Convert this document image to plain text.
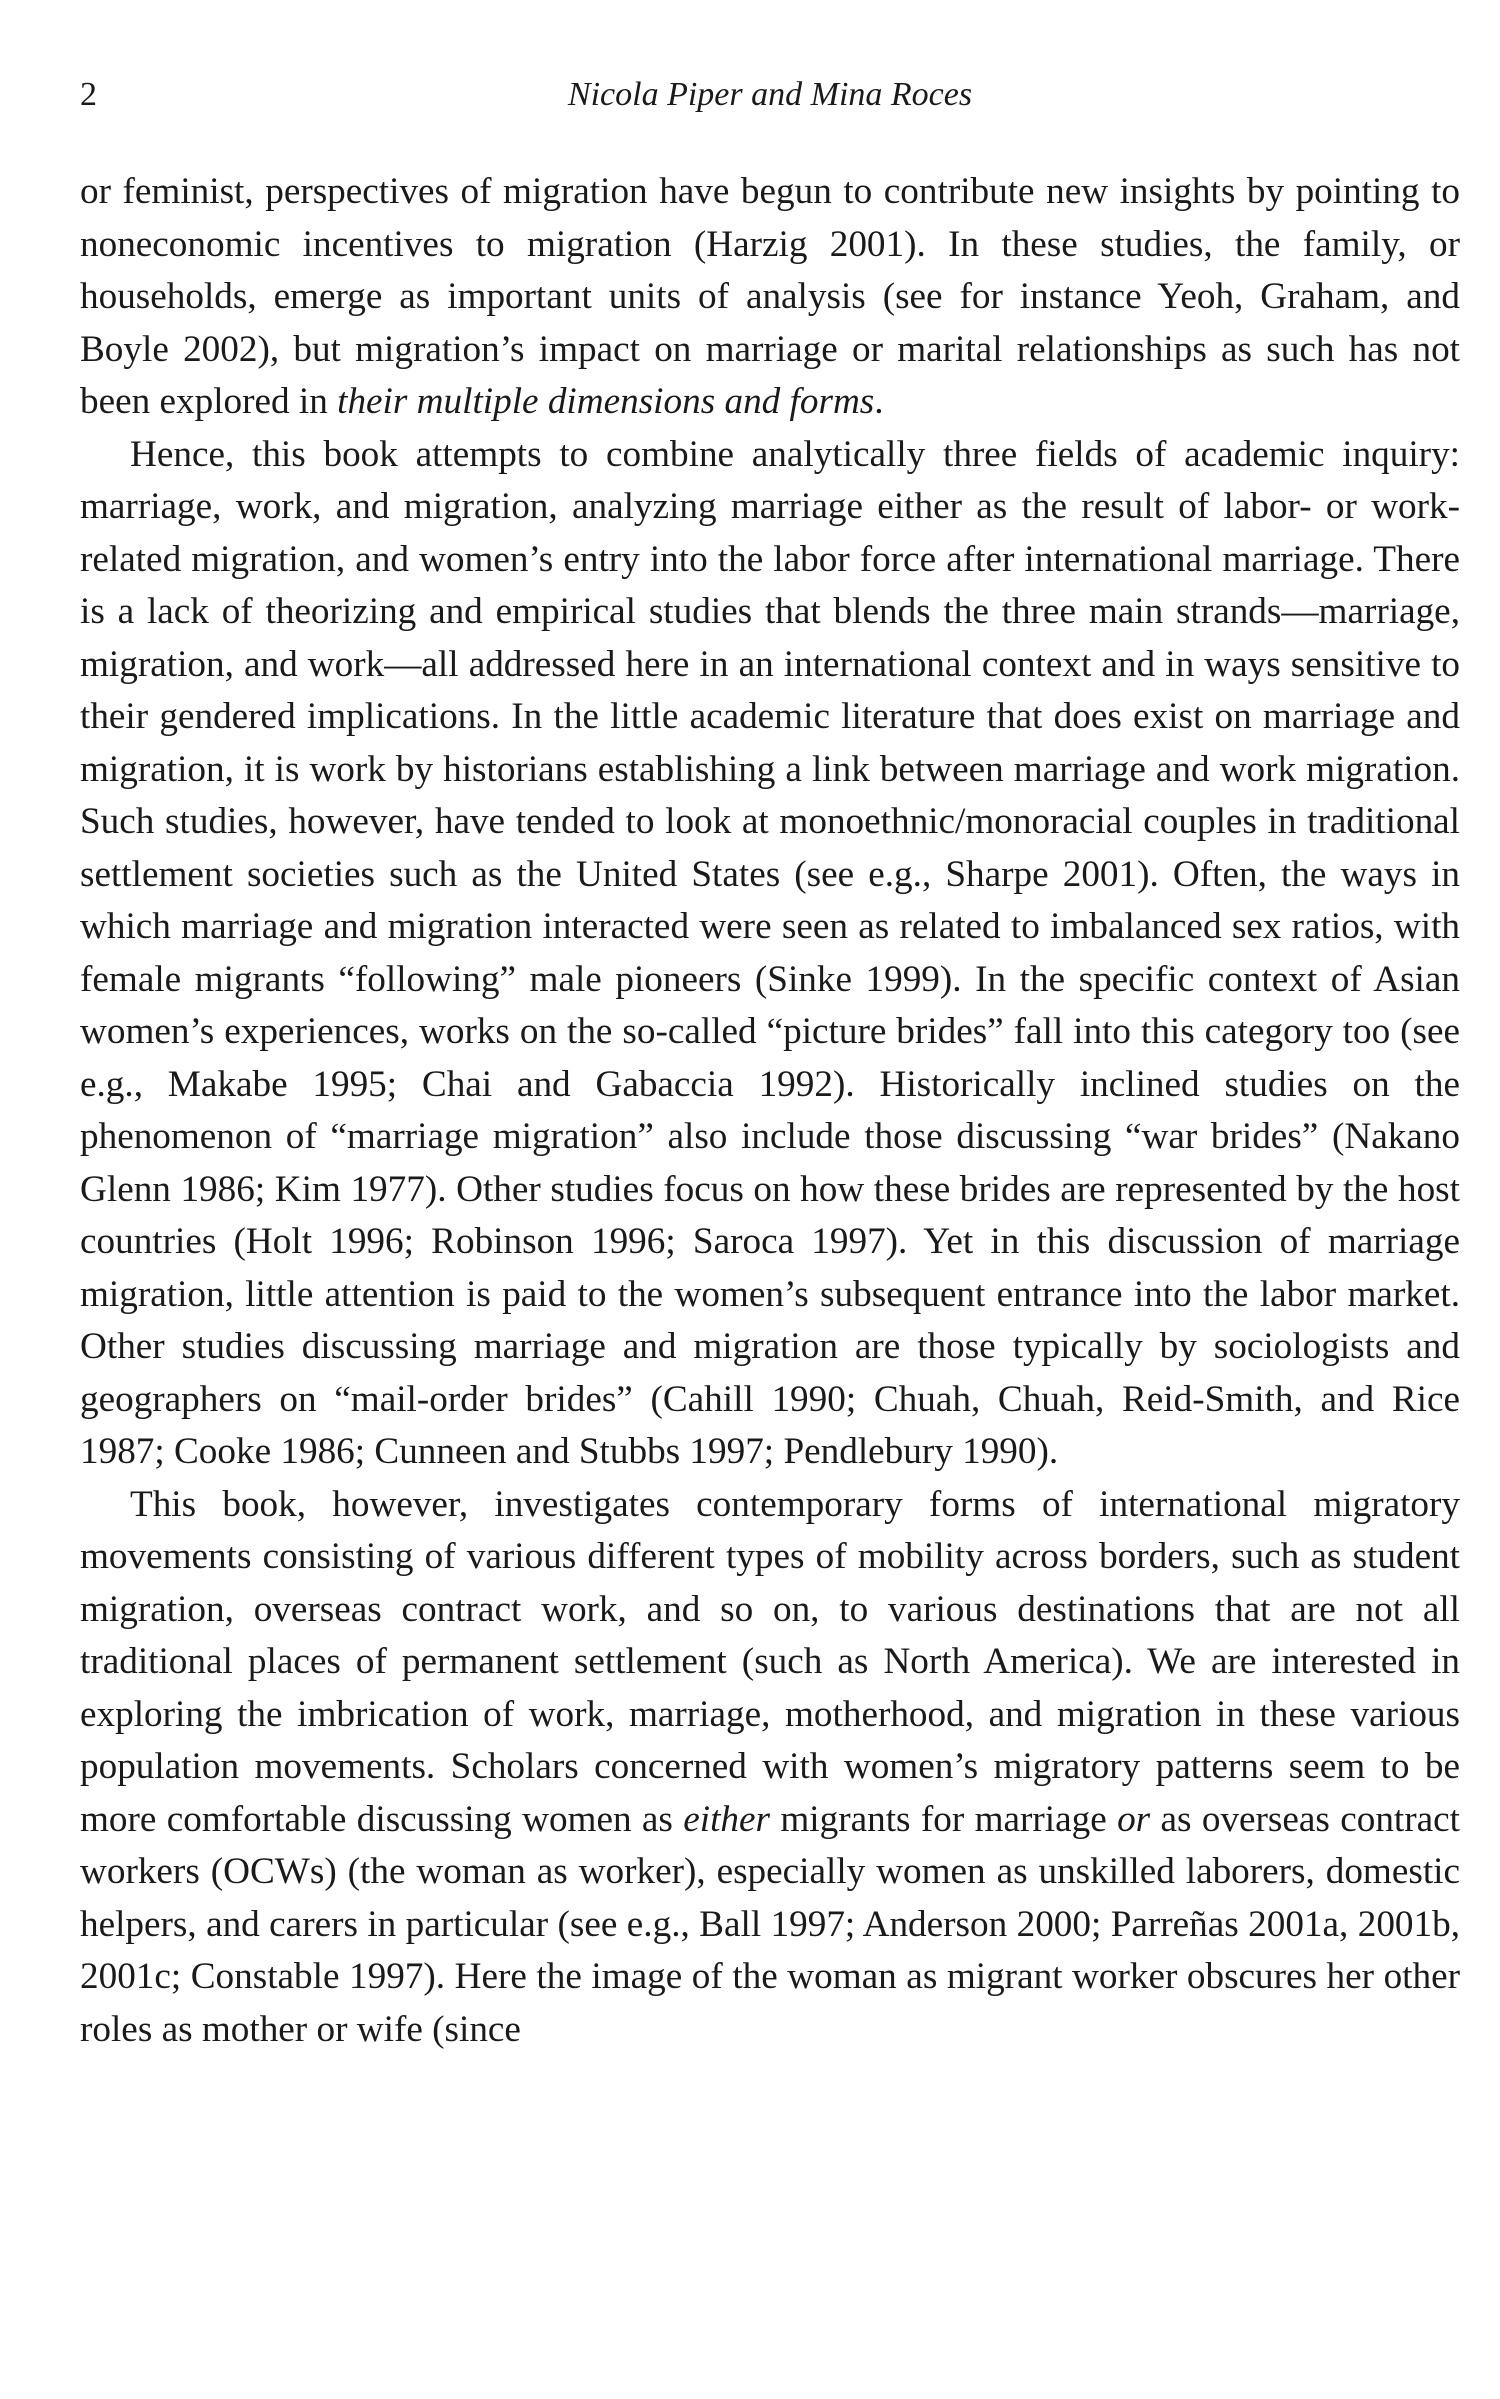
2	Nicola Piper and Mina Roces

or feminist, perspectives of migration have begun to contribute new insights by pointing to noneconomic incentives to migration (Harzig 2001). In these studies, the family, or households, emerge as important units of analysis (see for instance Yeoh, Graham, and Boyle 2002), but migration’s impact on marriage or marital relationships as such has not been explored in their multiple dimensions and forms.

Hence, this book attempts to combine analytically three fields of academic inquiry: marriage, work, and migration, analyzing marriage either as the result of labor- or work-related migration, and women’s entry into the labor force after international marriage. There is a lack of theorizing and empirical studies that blends the three main strands—marriage, migration, and work—all addressed here in an international context and in ways sensitive to their gendered implications. In the little academic literature that does exist on marriage and migration, it is work by historians establishing a link between marriage and work migration. Such studies, however, have tended to look at monoethnic/monoracial couples in traditional settlement societies such as the United States (see e.g., Sharpe 2001). Often, the ways in which marriage and migration interacted were seen as related to imbalanced sex ratios, with female migrants “following” male pioneers (Sinke 1999). In the specific context of Asian women’s experiences, works on the so-called “picture brides” fall into this category too (see e.g., Makabe 1995; Chai and Gabaccia 1992). Historically inclined studies on the phenomenon of “marriage migration” also include those discussing “war brides” (Nakano Glenn 1986; Kim 1977). Other studies focus on how these brides are represented by the host countries (Holt 1996; Robinson 1996; Saroca 1997). Yet in this discussion of marriage migration, little attention is paid to the women’s subsequent entrance into the labor market. Other studies discussing marriage and migration are those typically by sociologists and geographers on “mail-order brides” (Cahill 1990; Chuah, Chuah, Reid-Smith, and Rice 1987; Cooke 1986; Cunneen and Stubbs 1997; Pendlebury 1990).

This book, however, investigates contemporary forms of international migratory movements consisting of various different types of mobility across borders, such as student migration, overseas contract work, and so on, to various destinations that are not all traditional places of permanent settlement (such as North America). We are interested in exploring the imbrication of work, marriage, motherhood, and migration in these various population movements. Scholars concerned with women’s migratory patterns seem to be more comfortable discussing women as either migrants for marriage or as overseas contract workers (OCWs) (the woman as worker), especially women as unskilled laborers, domestic helpers, and carers in particular (see e.g., Ball 1997; Anderson 2000; Parreñas 2001a, 2001b, 2001c; Constable 1997). Here the image of the woman as migrant worker obscures her other roles as mother or wife (since
